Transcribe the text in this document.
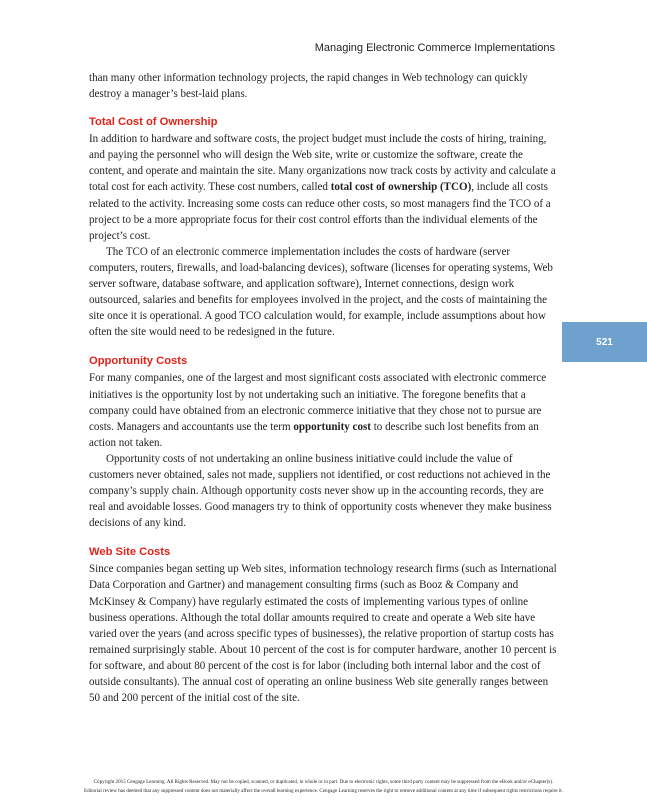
Managing Electronic Commerce Implementations

than many other information technology projects, the rapid changes in Web technology can quickly destroy a manager’s best-laid plans.

Total Cost of Ownership

In addition to hardware and software costs, the project budget must include the costs of hiring, training, and paying the personnel who will design the Web site, write or customize the software, create the content, and operate and maintain the site. Many organizations now track costs by activity and calculate a total cost for each activity. These cost numbers, called total cost of ownership (TCO), include all costs related to the activity. Increasing some costs can reduce other costs, so most managers find the TCO of a project to be a more appropriate focus for their cost control efforts than the individual elements of the project’s cost.

The TCO of an electronic commerce implementation includes the costs of hardware (server computers, routers, firewalls, and load-balancing devices), software (licenses for operating systems, Web server software, database software, and application software), Internet connections, design work outsourced, salaries and benefits for employees involved in the project, and the costs of maintaining the site once it is operational. A good TCO calculation would, for example, include assumptions about how often the site would need to be redesigned in the future.

Opportunity Costs

For many companies, one of the largest and most significant costs associated with electronic commerce initiatives is the opportunity lost by not undertaking such an initiative. The foregone benefits that a company could have obtained from an electronic commerce initiative that they chose not to pursue are costs. Managers and accountants use the term opportunity cost to describe such lost benefits from an action not taken.

Opportunity costs of not undertaking an online business initiative could include the value of customers never obtained, sales not made, suppliers not identified, or cost reductions not achieved in the company’s supply chain. Although opportunity costs never show up in the accounting records, they are real and avoidable losses. Good managers try to think of opportunity costs whenever they make business decisions of any kind.

Web Site Costs

Since companies began setting up Web sites, information technology research firms (such as International Data Corporation and Gartner) and management consulting firms (such as Booz & Company and McKinsey & Company) have regularly estimated the costs of implementing various types of online business operations. Although the total dollar amounts required to create and operate a Web site have varied over the years (and across specific types of businesses), the relative proportion of startup costs has remained surprisingly stable. About 10 percent of the cost is for computer hardware, another 10 percent is for software, and about 80 percent of the cost is for labor (including both internal labor and the cost of outside consultants). The annual cost of operating an online business Web site generally ranges between 50 and 200 percent of the initial cost of the site.

521
Copyright 2015 Cengage Learning. All Rights Reserved. May not be copied, scanned, or duplicated, in whole or in part. Due to electronic rights, some third party content may be suppressed from the eBook and/or eChapter(s).
Editorial review has deemed that any suppressed content does not materially affect the overall learning experience. Cengage Learning reserves the right to remove additional content at any time if subsequent rights restrictions require it.
